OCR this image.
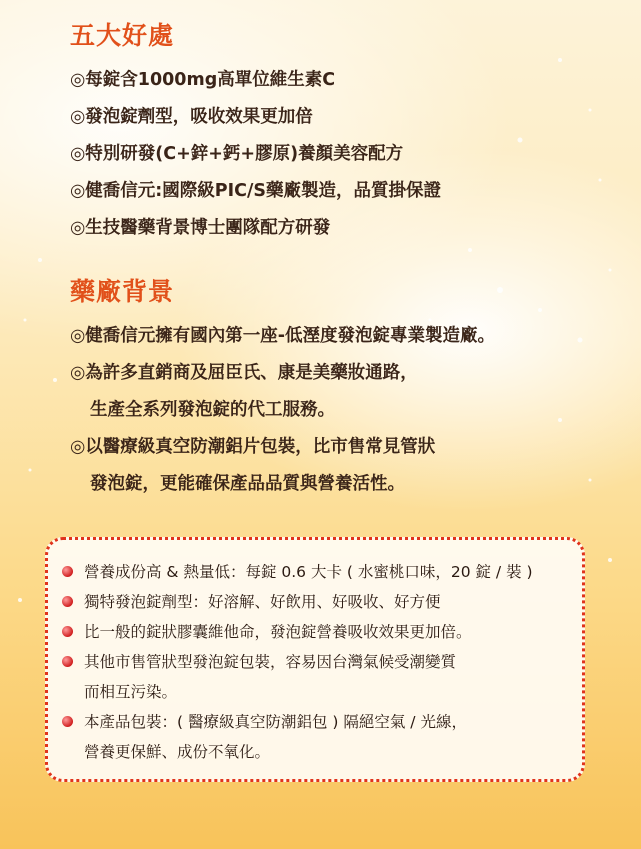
五大好處
◎每錠含1000mg高單位維生素C
◎發泡錠劑型，吸收效果更加倍
◎特別研發(C+鋅+鈣+膠原)養顏美容配方
◎健喬信元:國際級PIC/S藥廠製造，品質掛保證
◎生技醫藥背景博士團隊配方研發
藥廠背景
◎健喬信元擁有國內第一座-低溼度發泡錠專業製造廠。
◎為許多直銷商及屈臣氏、康是美藥妝通路，
生產全系列發泡錠的代工服務。
◎以醫療級真空防潮鋁片包裝，比市售常見管狀
發泡錠，更能確保產品品質與營養活性。
營養成份高 & 熱量低：每錠 0.6 大卡 ( 水蜜桃口味，20 錠 / 裝 )
獨特發泡錠劑型：好溶解、好飲用、好吸收、好方便
比一般的錠狀膠囊維他命，發泡錠營養吸收效果更加倍。
其他市售管狀型發泡錠包裝，容易因台灣氣候受潮變質
而相互污染。
本產品包裝：( 醫療級真空防潮鋁包 ) 隔絕空氣 / 光線，
營養更保鮮、成份不氧化。
